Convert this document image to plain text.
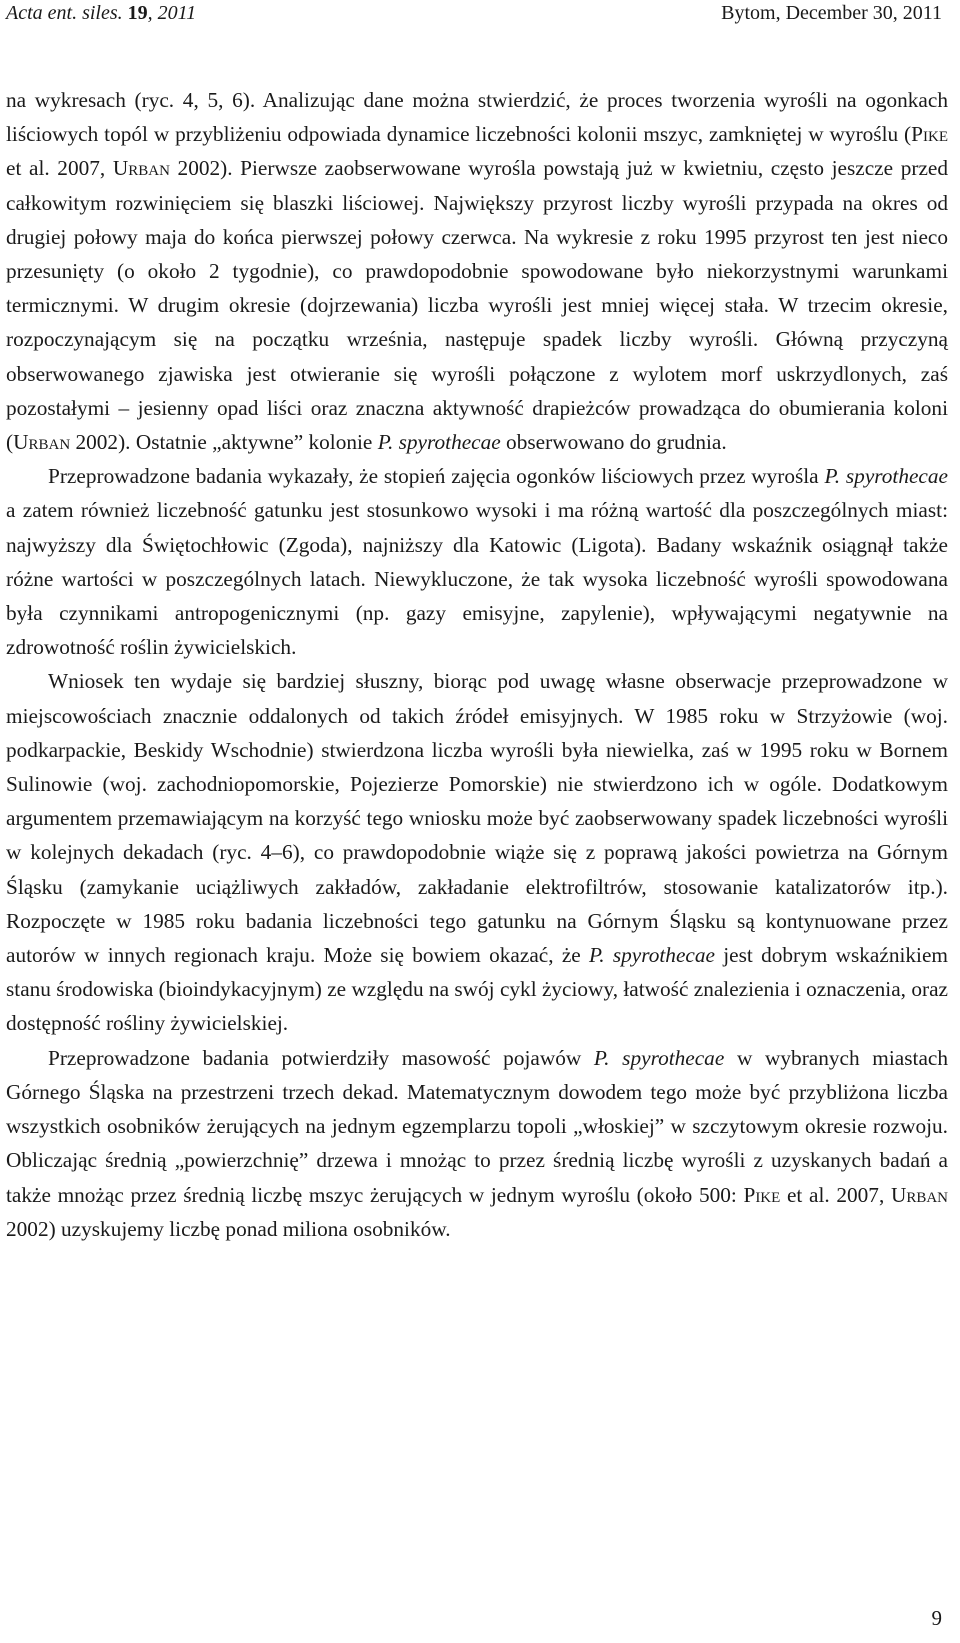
Acta ent. siles. 19, 2011	Bytom, December 30, 2011

na wykresach (ryc. 4, 5, 6). Analizując dane można stwierdzić, że proces tworzenia wyrośli na ogonkach liściowych topól w przybliżeniu odpowiada dynamice liczebności kolonii mszyc, zamkniętej w wyroślu (Pike et al. 2007, Urban 2002). Pierwsze zaobserwowane wyrośla powstają już w kwietniu, często jeszcze przed całkowitym rozwinięciem się blaszki liściowej. Największy przyrost liczby wyrośli przypada na okres od drugiej połowy maja do końca pierwszej połowy czerwca. Na wykresie z roku 1995 przyrost ten jest nieco przesunięty (o około 2 tygodnie), co prawdopodobnie spowodowane było niekorzystnymi warunkami termicznymi. W drugim okresie (dojrzewania) liczba wyrośli jest mniej więcej stała. W trzecim okresie, rozpoczynającym się na początku września, następuje spadek liczby wyrośli. Główną przyczyną obserwowanego zjawiska jest otwieranie się wyrośli połączone z wylotem morf uskrzydlonych, zaś pozostałymi – jesienny opad liści oraz znaczna aktywność drapieżców prowadząca do obumierania koloni (Urban 2002). Ostatnie „aktywne” kolonie P. spyrothecae obserwowano do grudnia.

Przeprowadzone badania wykazały, że stopień zajęcia ogonków liściowych przez wyrośla P. spyrothecae a zatem również liczebność gatunku jest stosunkowo wysoki i ma różną wartość dla poszczególnych miast: najwyższy dla Świętochłowic (Zgoda), najniższy dla Katowic (Ligota). Badany wskaźnik osiągnął także różne wartości w poszczególnych latach. Niewykluczone, że tak wysoka liczebność wyrośli spowodowana była czynnikami antropogenicznymi (np. gazy emisyjne, zapylenie), wpływającymi negatywnie na zdrowotność roślin żywicielskich.

Wniosek ten wydaje się bardziej słuszny, biorąc pod uwagę własne obserwacje przeprowadzone w miejscowościach znacznie oddalonych od takich źródeł emisyjnych. W 1985 roku w Strzyżowie (woj. podkarpackie, Beskidy Wschodnie) stwierdzona liczba wyrośli była niewielka, zaś w 1995 roku w Bornem Sulinowie (woj. zachodniopomorskie, Pojezierze Pomorskie) nie stwierdzono ich w ogóle. Dodatkowym argumentem przemawiającym na korzyść tego wniosku może być zaobserwowany spadek liczebności wyrośli w kolejnych dekadach (ryc. 4–6), co prawdopodobnie wiąże się z poprawą jakości powietrza na Górnym Śląsku (zamykanie uciążliwych zakładów, zakładanie elektrofiltrów, stosowanie katalizatorów itp.). Rozpoczęte w 1985 roku badania liczebności tego gatunku na Górnym Śląsku są kontynuowane przez autorów w innych regionach kraju. Może się bowiem okazać, że P. spyrothecae jest dobrym wskaźnikiem stanu środowiska (bioindykacyjnym) ze względu na swój cykl życiowy, łatwość znalezienia i oznaczenia, oraz dostępność rośliny żywicielskiej.

Przeprowadzone badania potwierdziły masowość pojawów P. spyrothecae w wybranych miastach Górnego Śląska na przestrzeni trzech dekad. Matematycznym dowodem tego może być przybliżona liczba wszystkich osobników żerujących na jednym egzemplarzu topoli „włoskiej” w szczytowym okresie rozwoju. Obliczając średnią „powierzchnię” drzewa i mnożąc to przez średnią liczbę wyrośli z uzyskanych badań a także mnożąc przez średnią liczbę mszyc żerujących w jednym wyroślu (około 500: Pike et al. 2007, Urban 2002) uzyskujemy liczbę ponad miliona osobników.

9
